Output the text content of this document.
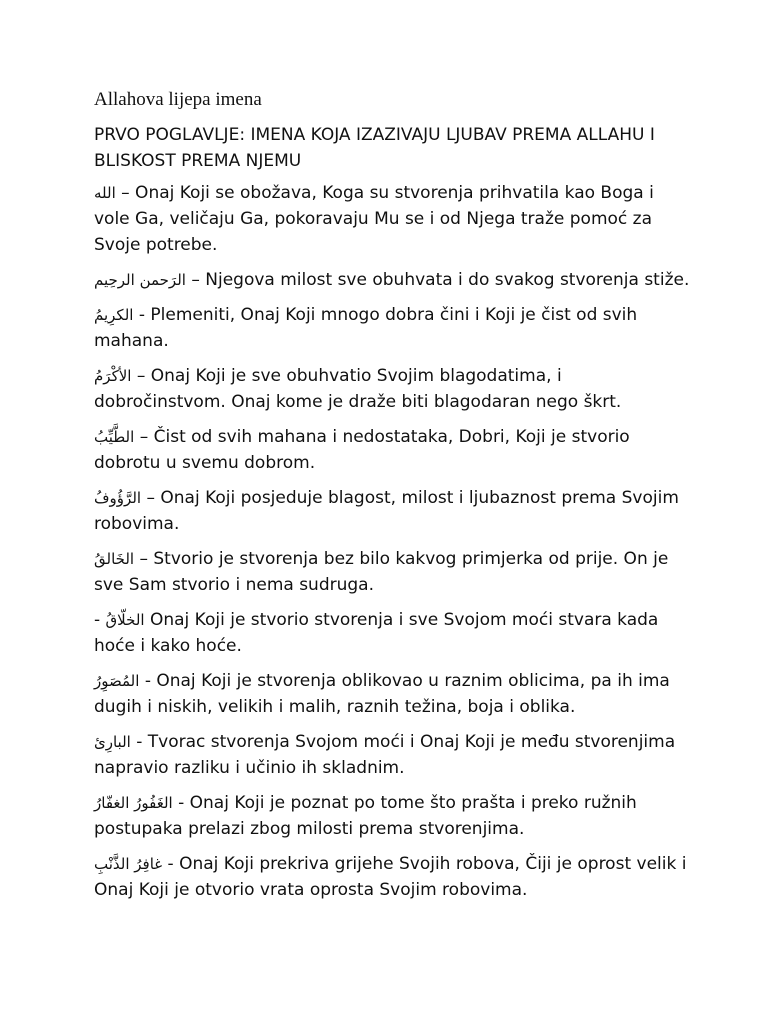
Allahova lijepa imena
PRVO POGLAVLJE: IMENA KOJA IZAZIVAJU LJUBAV PREMA ALLAHU I BLISKOST PREMA NJEMU

الله – Onaj Koji se obožava, Koga su stvorenja prihvatila kao Boga i vole Ga, veličaju Ga, pokoravaju Mu se i od Njega traže pomoć za Svoje potrebe.

الرَحمن الرحِيم – Njegova milost sve obuhvata i do svakog stvorenja stiže.

الكرِيمُ - Plemeniti, Onaj Koji mnogo dobra čini i Koji je čist od svih mahana.

الأكْرَمُ – Onaj Koji je sve obuhvatio Svojim blagodatima, i dobročinstvom. Onaj kome je draže biti blagodaran nego škrt.

الطَّيِّبُ – Čist od svih mahana i nedostataka, Dobri, Koji je stvorio dobrotu u svemu dobrom.

الرَّؤُوفُ – Onaj Koji posjeduje blagost, milost i ljubaznost prema Svojim robovima.

الخَالقُ – Stvorio je stvorenja bez bilo kakvog primjerka od prije. On je sve Sam stvorio i nema sudruga.

- الخلّاقُ Onaj Koji je stvorio stvorenja i sve Svojom moći stvara kada hoće i kako hoće.

المُصَوِرُ - Onaj Koji je stvorenja oblikovao u raznim oblicima, pa ih ima dugih i niskih, velikih i malih, raznih težina, boja i oblika.

البارِئ - Tvorac stvorenja Svojom moći i Onaj Koji je među stvorenjima napravio razliku i učinio ih skladnim.

الغَفُورُ الغفّارُ - Onaj Koji je poznat po tome što prašta i preko ružnih postupaka prelazi zbog milosti prema stvorenjima.

غافِرُ الذَّنْبِ - Onaj Koji prekriva grijehe Svojih robova, Čiji je oprost velik i Onaj Koji je otvorio vrata oprosta Svojim robovima.
